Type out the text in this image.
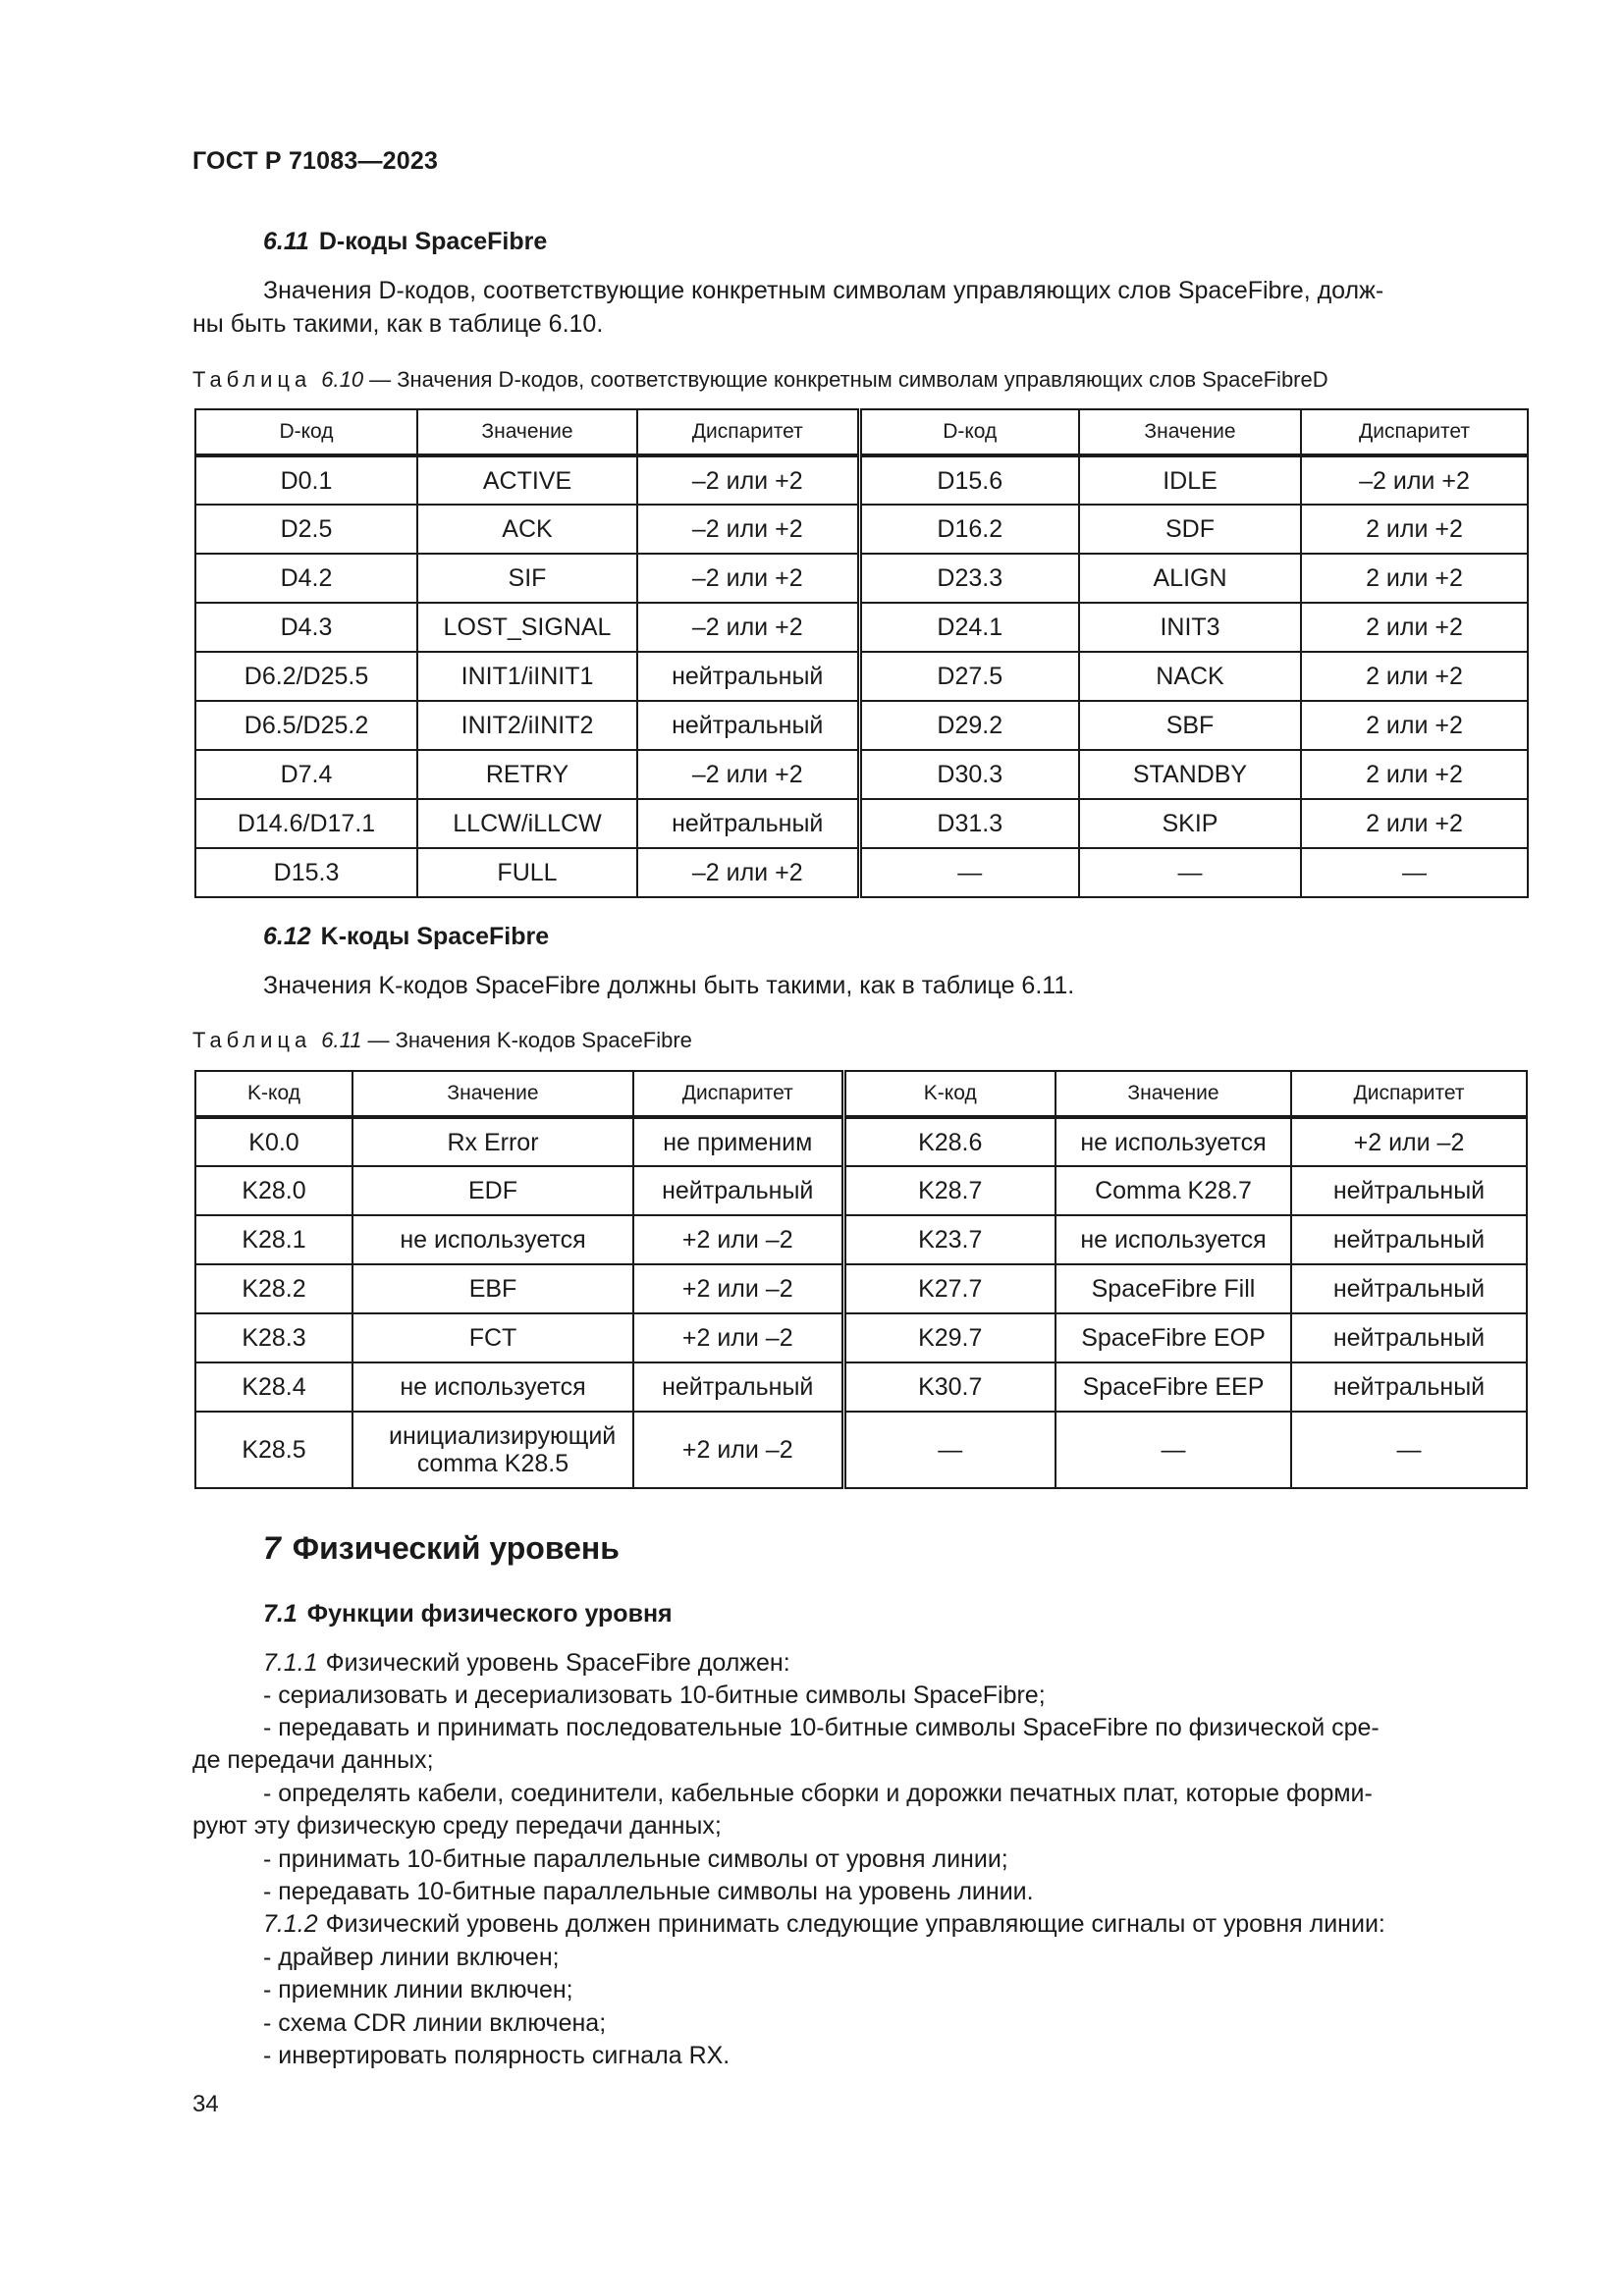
ГОСТ Р 71083—2023
6.11 D-коды SpaceFibre
Значения D-кодов, соответствующие конкретным символам управляющих слов SpaceFibre, долж-
ны быть такими, как в таблице 6.10.
Таблица 6.10 — Значения D-кодов, соответствующие конкретным символам управляющих слов SpaceFibreD
D-код	Значение	Диспаритет	D-код	Значение	Диспаритет
D0.1	ACTIVE	–2 или +2	D15.6	IDLE	–2 или +2
D2.5	ACK	–2 или +2	D16.2	SDF	2 или +2
D4.2	SIF	–2 или +2	D23.3	ALIGN	2 или +2
D4.3	LOST_SIGNAL	–2 или +2	D24.1	INIT3	2 или +2
D6.2/D25.5	INIT1/iINIT1	нейтральный	D27.5	NACK	2 или +2
D6.5/D25.2	INIT2/iINIT2	нейтральный	D29.2	SBF	2 или +2
D7.4	RETRY	–2 или +2	D30.3	STANDBY	2 или +2
D14.6/D17.1	LLCW/iLLCW	нейтральный	D31.3	SKIP	2 или +2
D15.3	FULL	–2 или +2	—	—	—
6.12 K-коды SpaceFibre
Значения K-кодов SpaceFibre должны быть такими, как в таблице 6.11.
Таблица 6.11 — Значения K-кодов SpaceFibre
K-код	Значение	Диспаритет	K-код	Значение	Диспаритет
K0.0	Rx Error	не применим	K28.6	не используется	+2 или –2
K28.0	EDF	нейтральный	K28.7	Comma K28.7	нейтральный
K28.1	не используется	+2 или –2	K23.7	не используется	нейтральный
K28.2	EBF	+2 или –2	K27.7	SpaceFibre Fill	нейтральный
K28.3	FCT	+2 или –2	K29.7	SpaceFibre EOP	нейтральный
K28.4	не используется	нейтральный	K30.7	SpaceFibre EEP	нейтральный
K28.5	инициализирующий comma K28.5	+2 или –2	—	—	—
7 Физический уровень
7.1 Функции физического уровня
7.1.1 Физический уровень SpaceFibre должен:
- сериализовать и десериализовать 10-битные символы SpaceFibre;
- передавать и принимать последовательные 10-битные символы SpaceFibre по физической сре-
де передачи данных;
- определять кабели, соединители, кабельные сборки и дорожки печатных плат, которые форми-
руют эту физическую среду передачи данных;
- принимать 10-битные параллельные символы от уровня линии;
- передавать 10-битные параллельные символы на уровень линии.
7.1.2 Физический уровень должен принимать следующие управляющие сигналы от уровня линии:
- драйвер линии включен;
- приемник линии включен;
- схема CDR линии включена;
- инвертировать полярность сигнала RX.
34
